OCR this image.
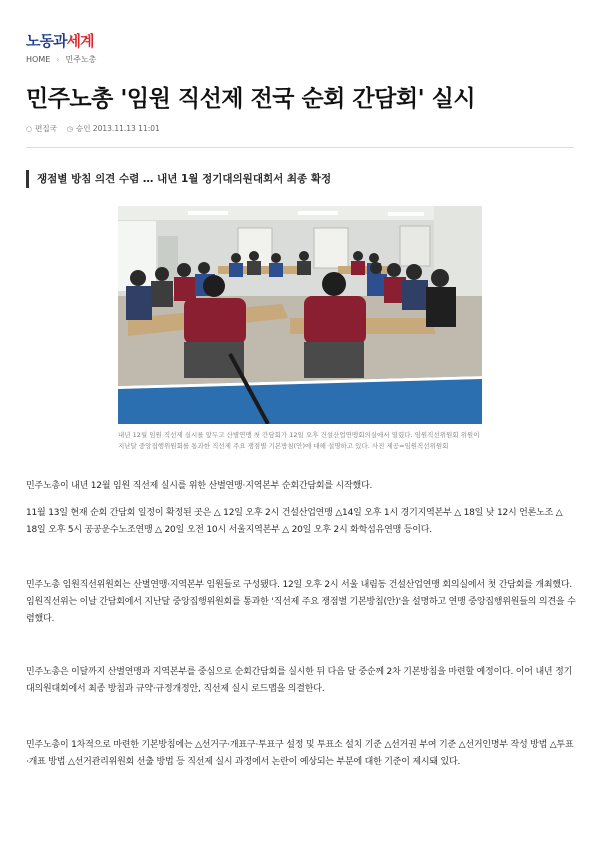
노동과세계
HOME › 민주노총
민주노총 '임원 직선제 전국 순회 간담회' 실시
○ 편집국 ◷ 승인 2013.11.13 11:01
쟁점별 방침 의견 수렴 … 내년 1월 정기대의원대회서 최종 확정
내년 12월 임원 직선제 실시를 앞두고 산별연맹 첫 간담회가 12일 오후 건설산업연맹회의실에서 열렸다. 임원직선위원회 위원이 지난달 중앙집행위원회를 통과한 직선제 주요 쟁점별 기본방침(안)에 대해 설명하고 있다. 사진 제공=임원직선위원회
민주노총이 내년 12월 임원 직선제 실시를 위한 산별연맹·지역본부 순회간담회를 시작했다.
11월 13일 현재 순회 간담회 일정이 확정된 곳은 △ 12일 오후 2시 건설산업연맹 △14일 오후 1시 경기지역본부 △ 18일 낮 12시 언론노조 △ 18일 오후 5시 공공운수노조연맹 △ 20일 오전 10시 서울지역본부 △ 20일 오후 2시 화학섬유연맹 등이다.
민주노총 임원직선위원회는 산별연맹·지역본부 임원들로 구성됐다. 12일 오후 2시 서울 내림동 건설산업연맹 회의실에서 첫 간담회를 개최했다. 임원직선위는 이날 간담회에서 지난달 중앙집행위원회를 통과한 '직선제 주요 쟁점별 기본방침(안)'을 설명하고 연맹 중앙집행위원들의 의견을 수렴했다.
민주노총은 이달까지 산별연맹과 지역본부를 중심으로 순회간담회를 실시한 뒤 다음 달 중순께 2차 기본방침을 마련할 예정이다. 이어 내년 정기대의원대회에서 최종 방침과 규약·규정개정안, 직선제 실시 로드맵을 의결한다.
민주노총이 1차적으로 마련한 기본방침에는 △선거구·개표구·투표구 설정 및 투표소 설치 기준 △선거권 부여 기준 △선거인명부 작성 방법 △투표·개표 방법 △선거관리위원회 선출 방법 등 직선제 실시 과정에서 논란이 예상되는 부분에 대한 기준이 제시돼 있다.
